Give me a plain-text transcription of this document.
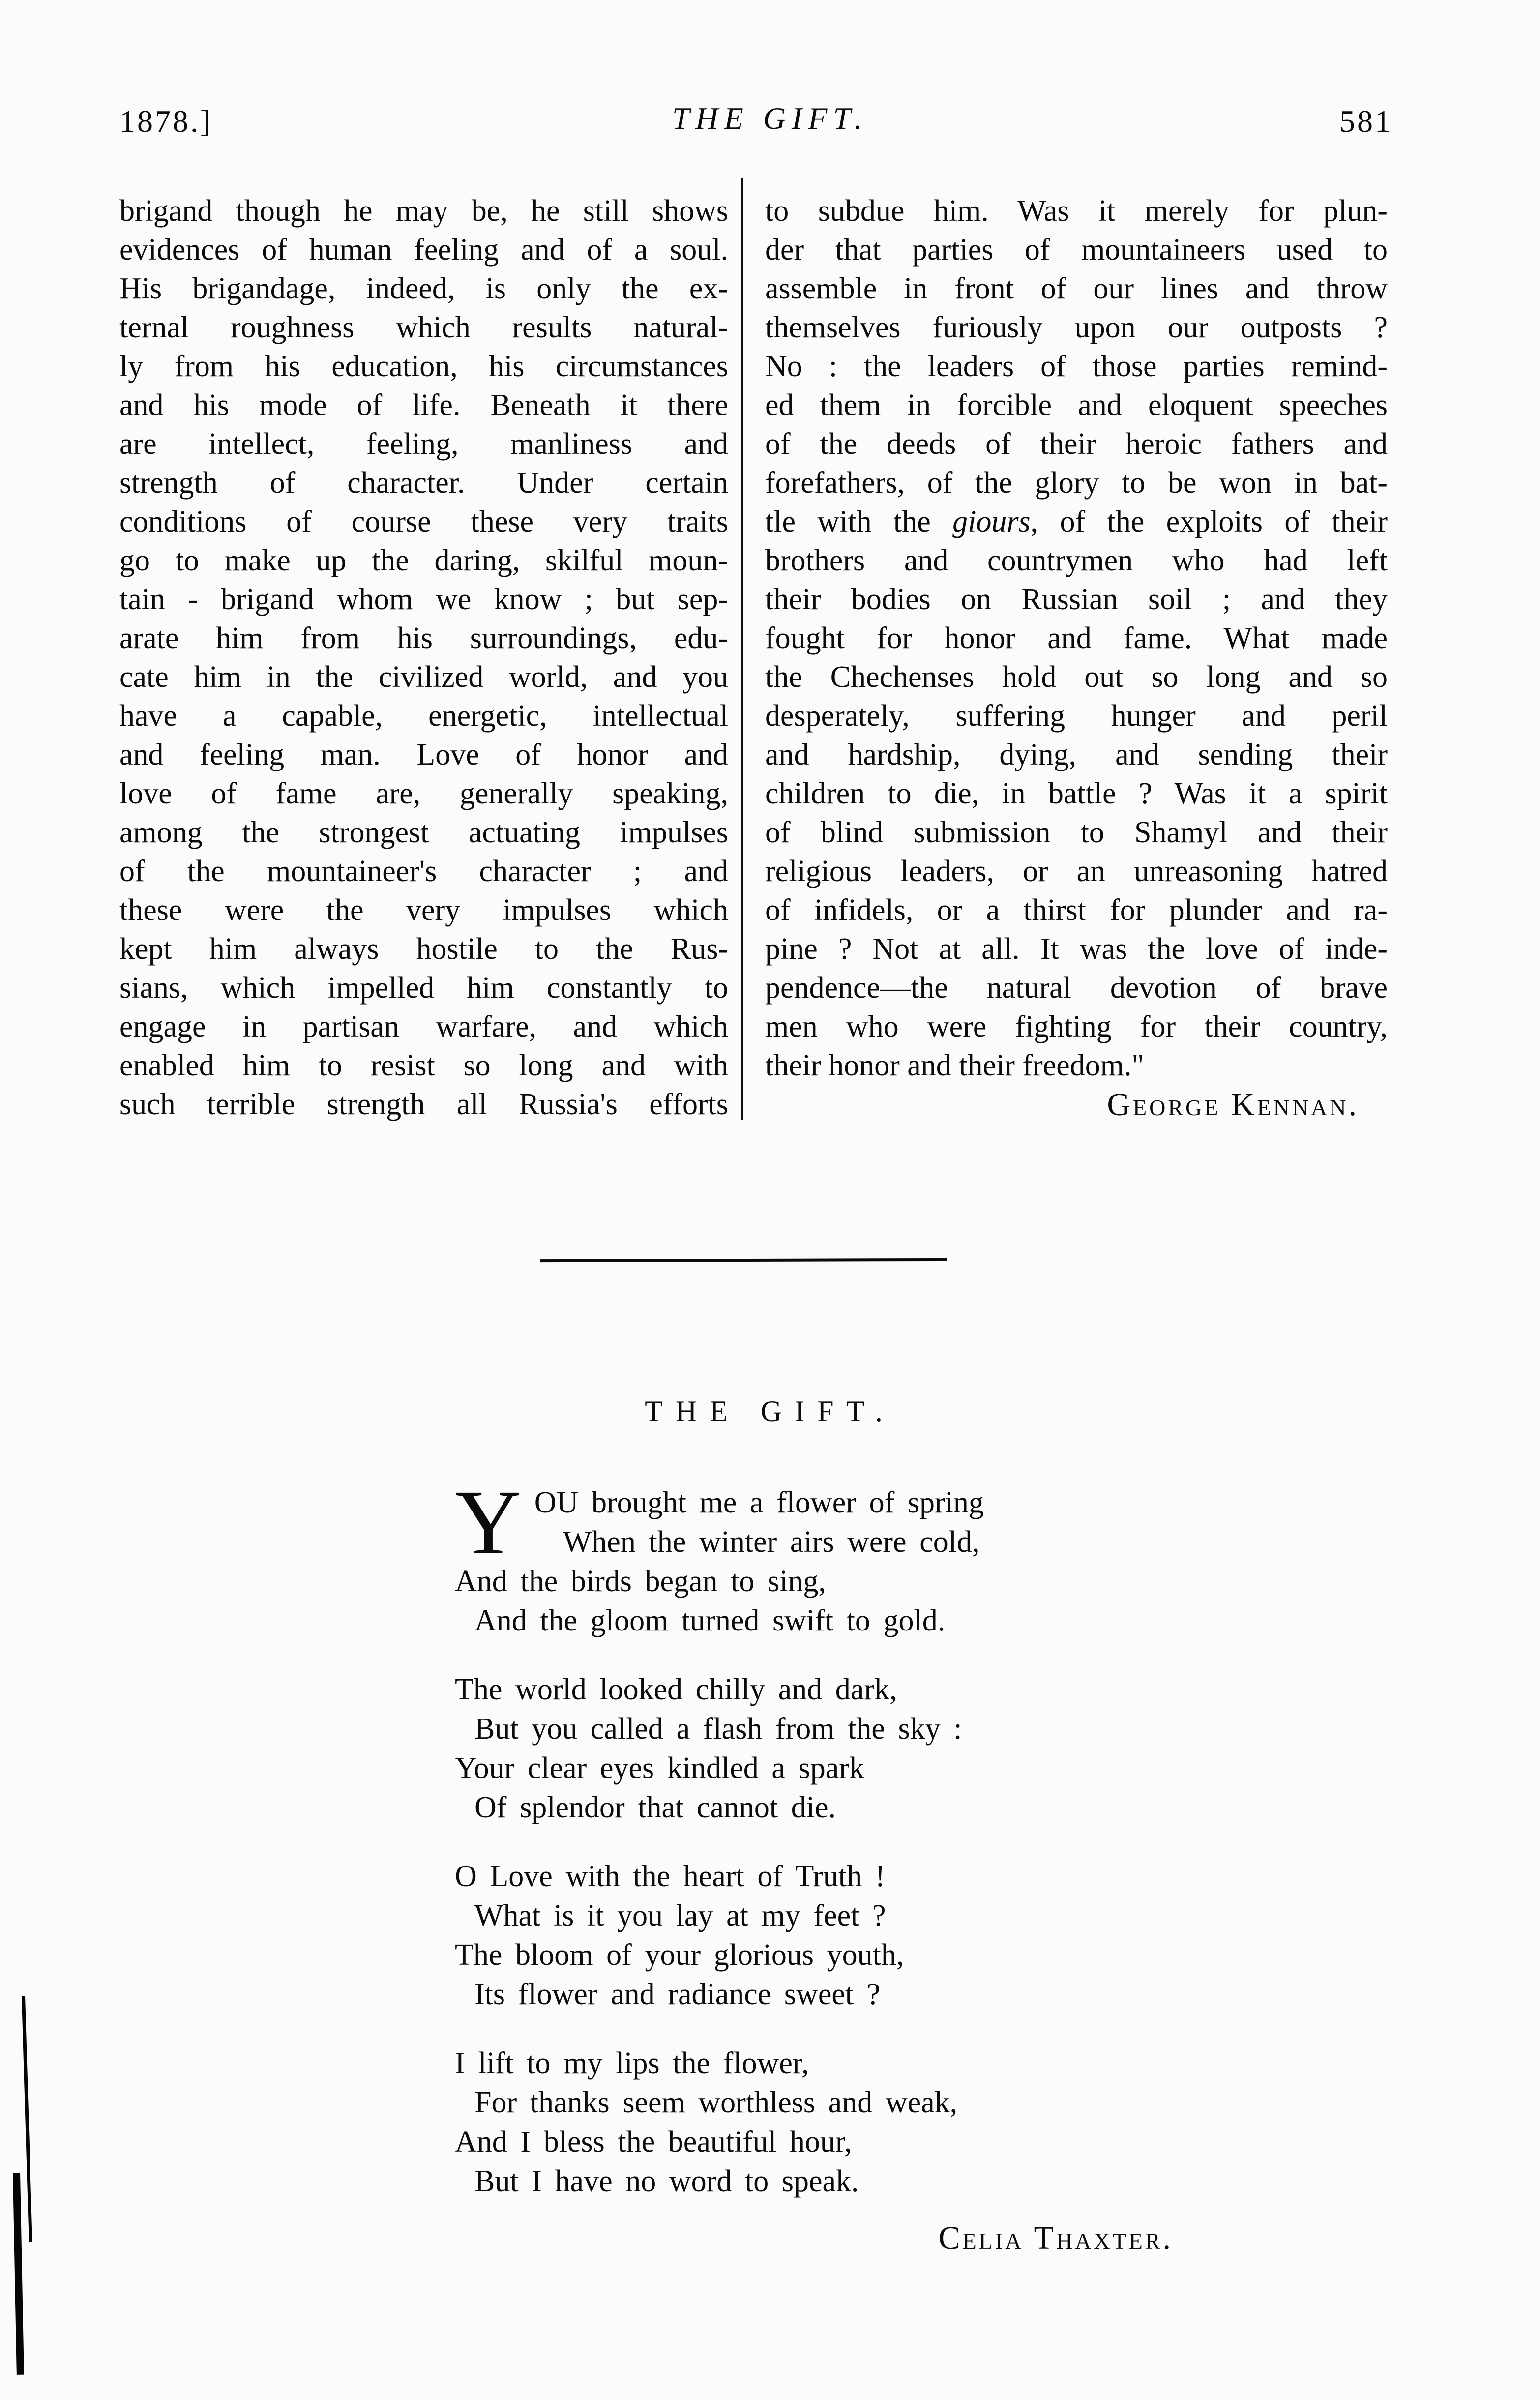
1878.]	THE GIFT.	581
brigand though he may be, he still shows
evidences of human feeling and of a soul.
His brigandage, indeed, is only the ex-
ternal roughness which results natural-
ly from his education, his circumstances
and his mode of life. Beneath it there
are intellect, feeling, manliness and
strength of character. Under certain
conditions of course these very traits
go to make up the daring, skilful moun-
tain - brigand whom we know ; but sep-
arate him from his surroundings, edu-
cate him in the civilized world, and you
have a capable, energetic, intellectual
and feeling man. Love of honor and
love of fame are, generally speaking,
among the strongest actuating impulses
of the mountaineer's character ; and
these were the very impulses which
kept him always hostile to the Rus-
sians, which impelled him constantly to
engage in partisan warfare, and which
enabled him to resist so long and with
such terrible strength all Russia's efforts
to subdue him. Was it merely for plun-
der that parties of mountaineers used to
assemble in front of our lines and throw
themselves furiously upon our outposts ?
No : the leaders of those parties remind-
ed them in forcible and eloquent speeches
of the deeds of their heroic fathers and
forefathers, of the glory to be won in bat-
tle with the giours, of the exploits of their
brothers and countrymen who had left
their bodies on Russian soil ; and they
fought for honor and fame. What made
the Chechenses hold out so long and so
desperately, suffering hunger and peril
and hardship, dying, and sending their
children to die, in battle ? Was it a spirit
of blind submission to Shamyl and their
religious leaders, or an unreasoning hatred
of infidels, or a thirst for plunder and ra-
pine ? Not at all. It was the love of inde-
pendence—the natural devotion of brave
men who were fighting for their country,
their honor and their freedom."
George Kennan.
THE GIFT.
Y OU brought me a flower of spring
When the winter airs were cold,
And the birds began to sing,
And the gloom turned swift to gold.
The world looked chilly and dark,
But you called a flash from the sky :
Your clear eyes kindled a spark
Of splendor that cannot die.
O Love with the heart of Truth !
What is it you lay at my feet ?
The bloom of your glorious youth,
Its flower and radiance sweet ?
I lift to my lips the flower,
For thanks seem worthless and weak,
And I bless the beautiful hour,
But I have no word to speak.
Celia Thaxter.
